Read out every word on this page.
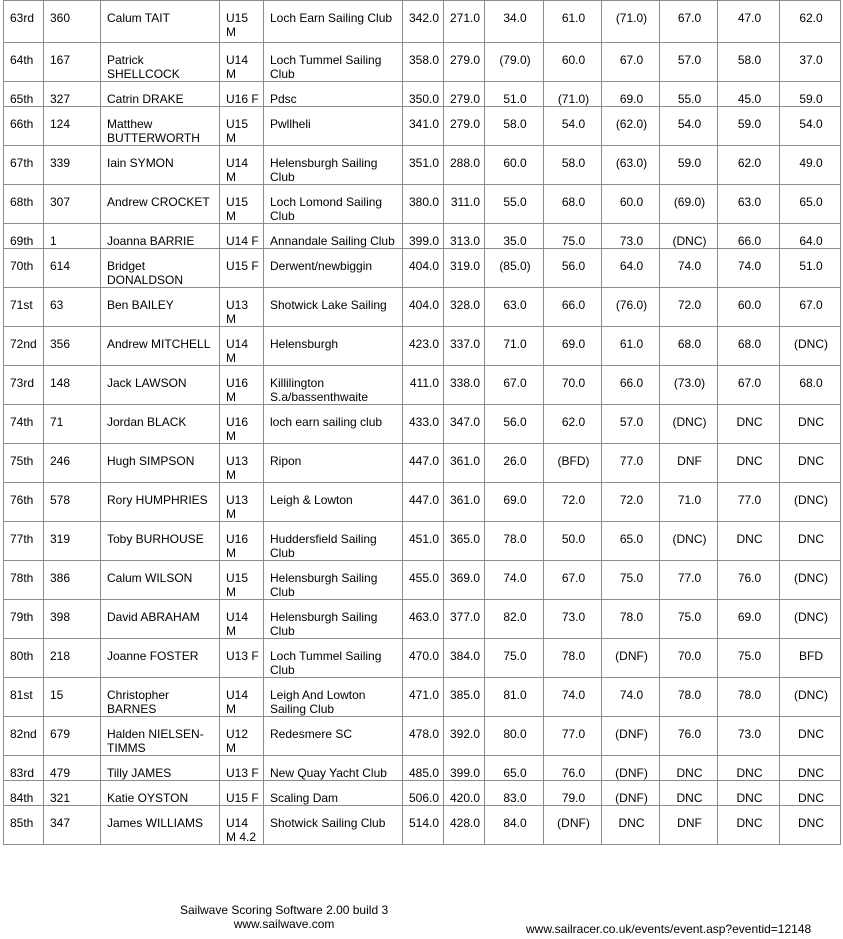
63rd	360	Calum TAIT	U15 M	Loch Earn Sailing Club	342.0	271.0	34.0	61.0	(71.0)	67.0	47.0	62.0
64th	167	Patrick SHELLCOCK	U14 M	Loch Tummel Sailing Club	358.0	279.0	(79.0)	60.0	67.0	57.0	58.0	37.0
65th	327	Catrin DRAKE	U16 F	Pdsc	350.0	279.0	51.0	(71.0)	69.0	55.0	45.0	59.0
66th	124	Matthew BUTTERWORTH	U15 M	Pwllheli	341.0	279.0	58.0	54.0	(62.0)	54.0	59.0	54.0
67th	339	Iain SYMON	U14 M	Helensburgh Sailing Club	351.0	288.0	60.0	58.0	(63.0)	59.0	62.0	49.0
68th	307	Andrew CROCKET	U15 M	Loch Lomond Sailing Club	380.0	311.0	55.0	68.0	60.0	(69.0)	63.0	65.0
69th	1	Joanna BARRIE	U14 F	Annandale Sailing Club	399.0	313.0	35.0	75.0	73.0	(DNC)	66.0	64.0
70th	614	Bridget DONALDSON	U15 F	Derwent/newbiggin	404.0	319.0	(85.0)	56.0	64.0	74.0	74.0	51.0
71st	63	Ben BAILEY	U13 M	Shotwick Lake Sailing	404.0	328.0	63.0	66.0	(76.0)	72.0	60.0	67.0
72nd	356	Andrew MITCHELL	U14 M	Helensburgh	423.0	337.0	71.0	69.0	61.0	68.0	68.0	(DNC)
73rd	148	Jack LAWSON	U16 M	Killilington S.a/bassenthwaite	411.0	338.0	67.0	70.0	66.0	(73.0)	67.0	68.0
74th	71	Jordan BLACK	U16 M	loch earn sailing club	433.0	347.0	56.0	62.0	57.0	(DNC)	DNC	DNC
75th	246	Hugh SIMPSON	U13 M	Ripon	447.0	361.0	26.0	(BFD)	77.0	DNF	DNC	DNC
76th	578	Rory HUMPHRIES	U13 M	Leigh & Lowton	447.0	361.0	69.0	72.0	72.0	71.0	77.0	(DNC)
77th	319	Toby BURHOUSE	U16 M	Huddersfield Sailing Club	451.0	365.0	78.0	50.0	65.0	(DNC)	DNC	DNC
78th	386	Calum WILSON	U15 M	Helensburgh Sailing Club	455.0	369.0	74.0	67.0	75.0	77.0	76.0	(DNC)
79th	398	David ABRAHAM	U14 M	Helensburgh Sailing Club	463.0	377.0	82.0	73.0	78.0	75.0	69.0	(DNC)
80th	218	Joanne FOSTER	U13 F	Loch Tummel Sailing Club	470.0	384.0	75.0	78.0	(DNF)	70.0	75.0	BFD
81st	15	Christopher BARNES	U14 M	Leigh And Lowton Sailing Club	471.0	385.0	81.0	74.0	74.0	78.0	78.0	(DNC)
82nd	679	Halden NIELSEN-TIMMS	U12 M	Redesmere SC	478.0	392.0	80.0	77.0	(DNF)	76.0	73.0	DNC
83rd	479	Tilly JAMES	U13 F	New Quay Yacht Club	485.0	399.0	65.0	76.0	(DNF)	DNC	DNC	DNC
84th	321	Katie OYSTON	U15 F	Scaling Dam	506.0	420.0	83.0	79.0	(DNF)	DNC	DNC	DNC
85th	347	James WILLIAMS	U14 M 4.2	Shotwick Sailing Club	514.0	428.0	84.0	(DNF)	DNC	DNF	DNC	DNC
Sailwave Scoring Software 2.00 build 3
www.sailwave.com	www.sailracer.co.uk/events/event.asp?eventid=12148
